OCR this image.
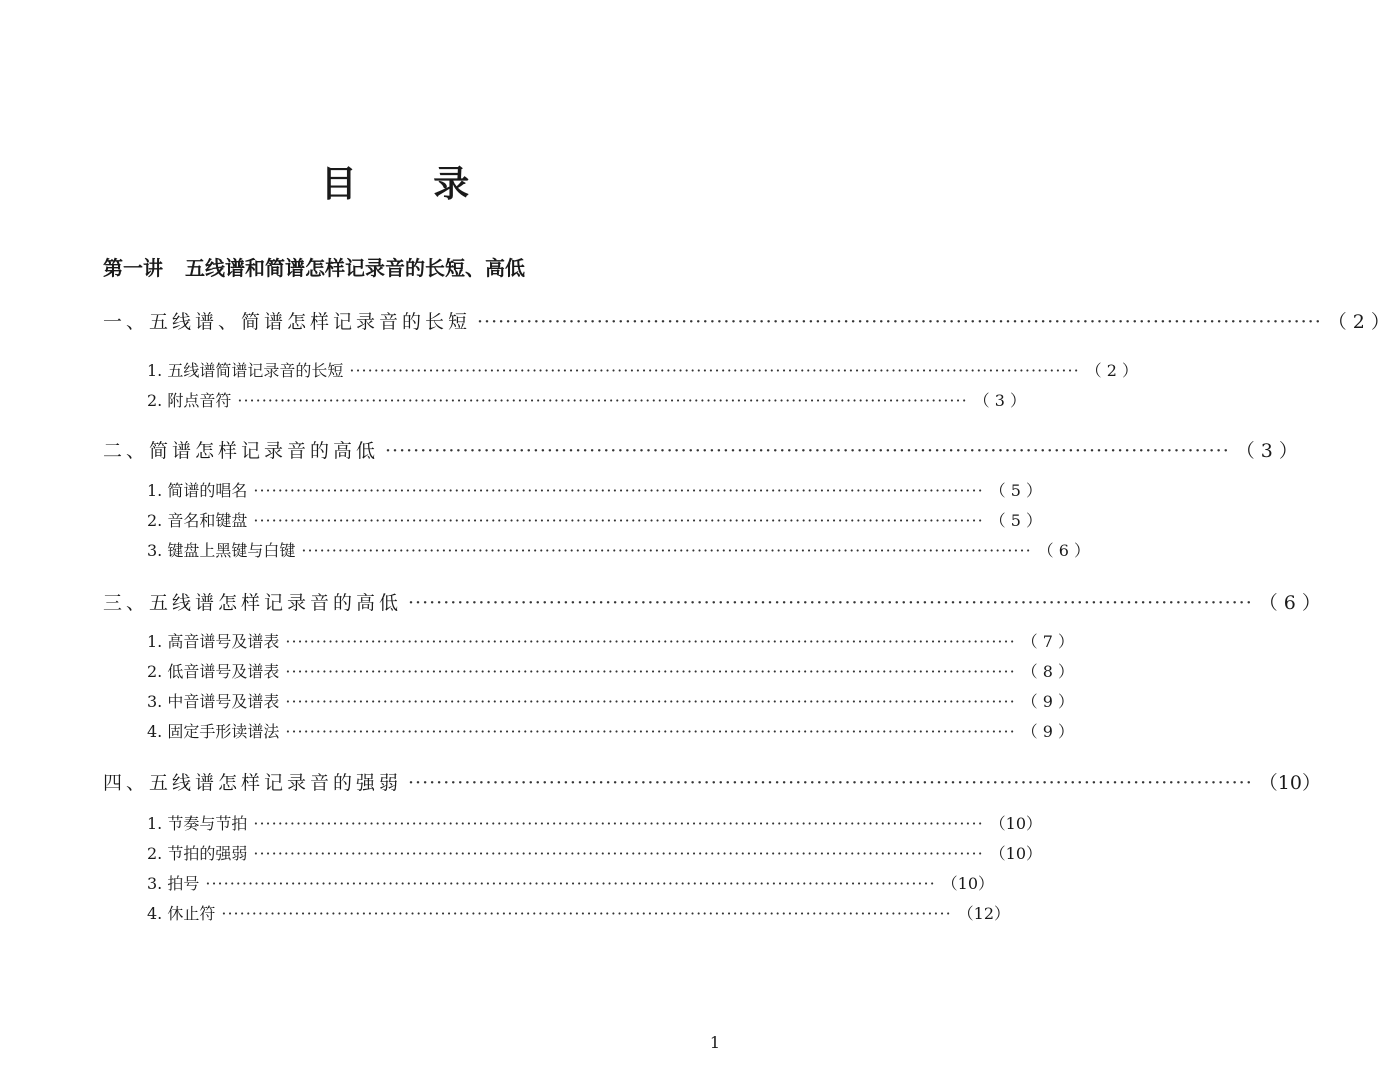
目 录
第一讲 五线谱和简谱怎样记录音的长短、高低
一、五线谱、简谱怎样记录音的长短 ························································································································ （ 2 ）
1. 五线谱简谱记录音的长短 ························································································································ （ 2 ）
2. 附点音符 ························································································································ （ 3 ）
二、简谱怎样记录音的高低 ························································································································ （ 3 ）
1. 简谱的唱名 ························································································································ （ 5 ）
2. 音名和键盘 ························································································································ （ 5 ）
3. 键盘上黑键与白键 ························································································································ （ 6 ）
三、五线谱怎样记录音的高低 ························································································································ （ 6 ）
1. 高音谱号及谱表 ························································································································ （ 7 ）
2. 低音谱号及谱表 ························································································································ （ 8 ）
3. 中音谱号及谱表 ························································································································ （ 9 ）
4. 固定手形读谱法 ························································································································ （ 9 ）
四、五线谱怎样记录音的强弱 ························································································································ （10）
1. 节奏与节拍 ························································································································ （10）
2. 节拍的强弱 ························································································································ （10）
3. 拍号 ························································································································ （10）
4. 休止符 ························································································································ （12）
1
